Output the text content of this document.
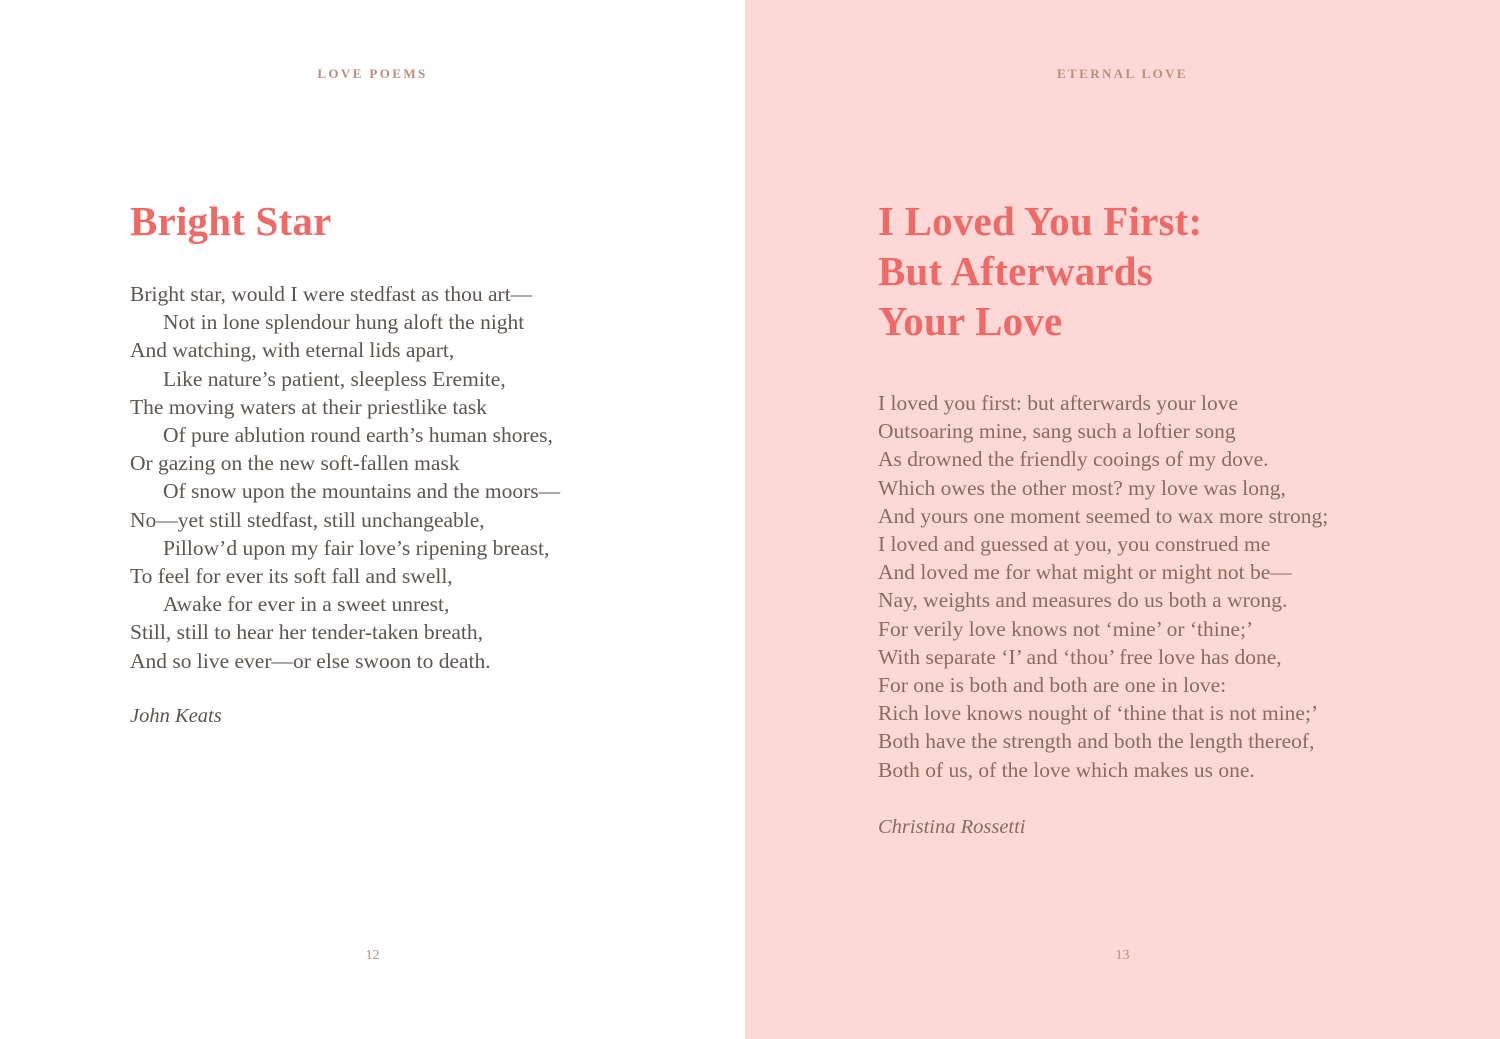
LOVE POEMS
Bright Star
Bright star, would I were stedfast as thou art—
Not in lone splendour hung aloft the night
And watching, with eternal lids apart,
Like nature’s patient, sleepless Eremite,
The moving waters at their priestlike task
Of pure ablution round earth’s human shores,
Or gazing on the new soft-fallen mask
Of snow upon the mountains and the moors—
No—yet still stedfast, still unchangeable,
Pillow’d upon my fair love’s ripening breast,
To feel for ever its soft fall and swell,
Awake for ever in a sweet unrest,
Still, still to hear her tender-taken breath,
And so live ever—or else swoon to death.
John Keats
12
ETERNAL LOVE
I Loved You First:
But Afterwards
Your Love
I loved you first: but afterwards your love
Outsoaring mine, sang such a loftier song
As drowned the friendly cooings of my dove.
Which owes the other most? my love was long,
And yours one moment seemed to wax more strong;
I loved and guessed at you, you construed me
And loved me for what might or might not be—
Nay, weights and measures do us both a wrong.
For verily love knows not ‘mine’ or ‘thine;’
With separate ‘I’ and ‘thou’ free love has done,
For one is both and both are one in love:
Rich love knows nought of ‘thine that is not mine;’
Both have the strength and both the length thereof,
Both of us, of the love which makes us one.
Christina Rossetti
13
